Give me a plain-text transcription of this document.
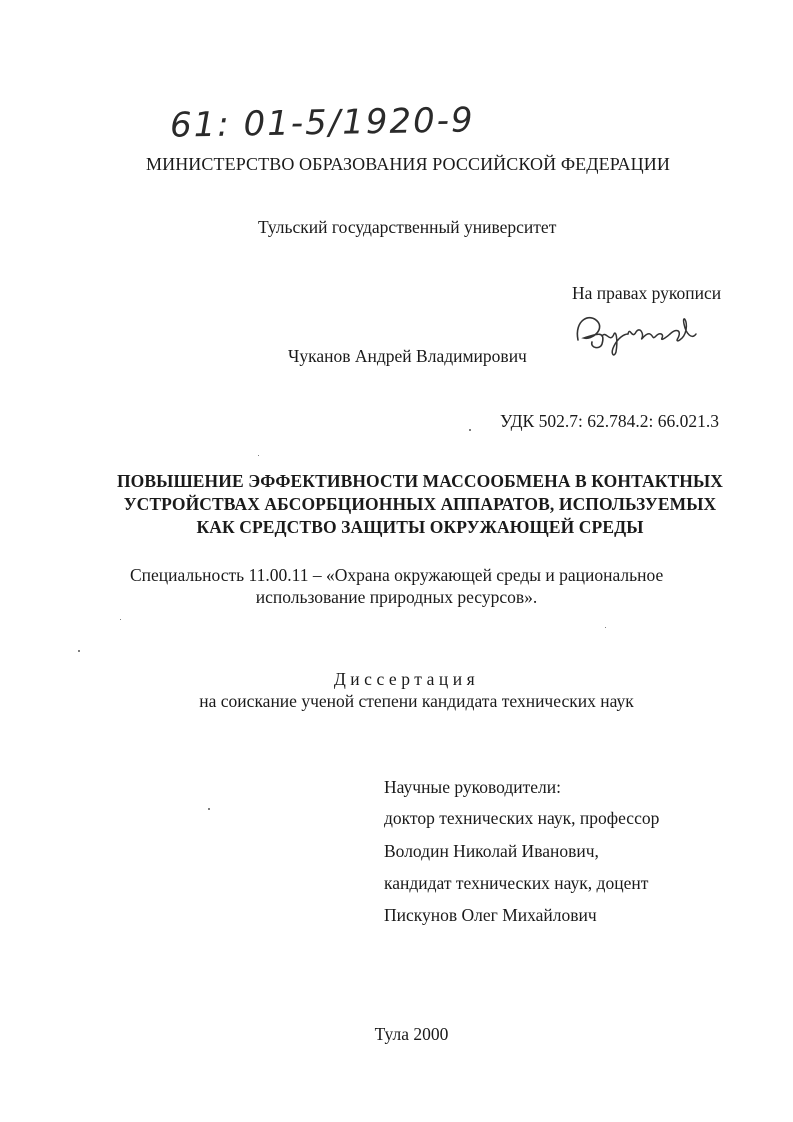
61: 01-5/1920-9
МИНИСТЕРСТВО ОБРАЗОВАНИЯ РОССИЙСКОЙ ФЕДЕРАЦИИ
Тульский государственный университет
На правах рукописи
Чуканов Андрей Владимирович
УДК 502.7: 62.784.2: 66.021.3
ПОВЫШЕНИЕ ЭФФЕКТИВНОСТИ МАССООБМЕНА В КОНТАКТНЫХ
УСТРОЙСТВАХ АБСОРБЦИОННЫХ АППАРАТОВ, ИСПОЛЬЗУЕМЫХ
КАК СРЕДСТВО ЗАЩИТЫ ОКРУЖАЮЩЕЙ СРЕДЫ
Специальность 11.00.11 – «Охрана окружающей среды и рациональное
использование природных ресурсов».
Диссертация
на соискание ученой степени кандидата технических наук
Научные руководители:
доктор технических наук, профессор
Володин Николай Иванович,
кандидат технических наук, доцент
Пискунов Олег Михайлович
Тула 2000
